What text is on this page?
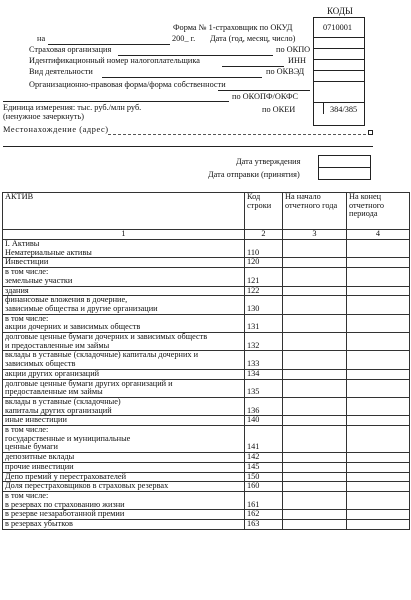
КОДЫ
0710001
384/385
Форма № 1-страховщик по ОКУД
на	200_ г. Дата (год, месяц, число)
Страховая организация	по ОКПО
Идентификационный номер налогоплательщика	ИНН
Вид деятельности	по ОКВЭД
Организационно-правовая форма/форма собственности
по ОКОПФ/ОКФС
Единица измерения: тыс. руб./млн руб.
(ненужное зачеркнуть)
по ОКЕИ
Местонахождение (адрес)
Дата утверждения
Дата отправки (принятия)
АКТИВ	Код строки	На начало отчетного года	На конец отчетного периода
1	2	3	4

I. Активы
Нематериальные активы	110		

Инвестиции	120		

в том числе:
земельные участки	121		

здания	122		

финансовые вложения в дочерние,
зависимые общества и другие организации	130		

в том числе:
акции дочерних и зависимых обществ	131		

долговые ценные бумаги дочерних и зависимых обществ
и предоставленные им займы	132		

вклады в уставные (складочные) капиталы дочерних и
зависимых обществ	133		

акции других организаций	134		

долговые ценные бумаги других организаций и
предоставленные им займы	135		

вклады в уставные (складочные)
капиталы других организаций	136		

иные инвестиции	140		

в том числе:
государственные и муниципальные
ценные бумаги	141		

депозитные вклады	142		

прочие инвестиции	145		

Депо премий у перестрахователей	150		

Доля перестраховщиков в страховых резервах	160		

в том числе:
в резервах по страхованию жизни	161		

в резерве незаработанной премии	162		

в резервах убытков	163		
